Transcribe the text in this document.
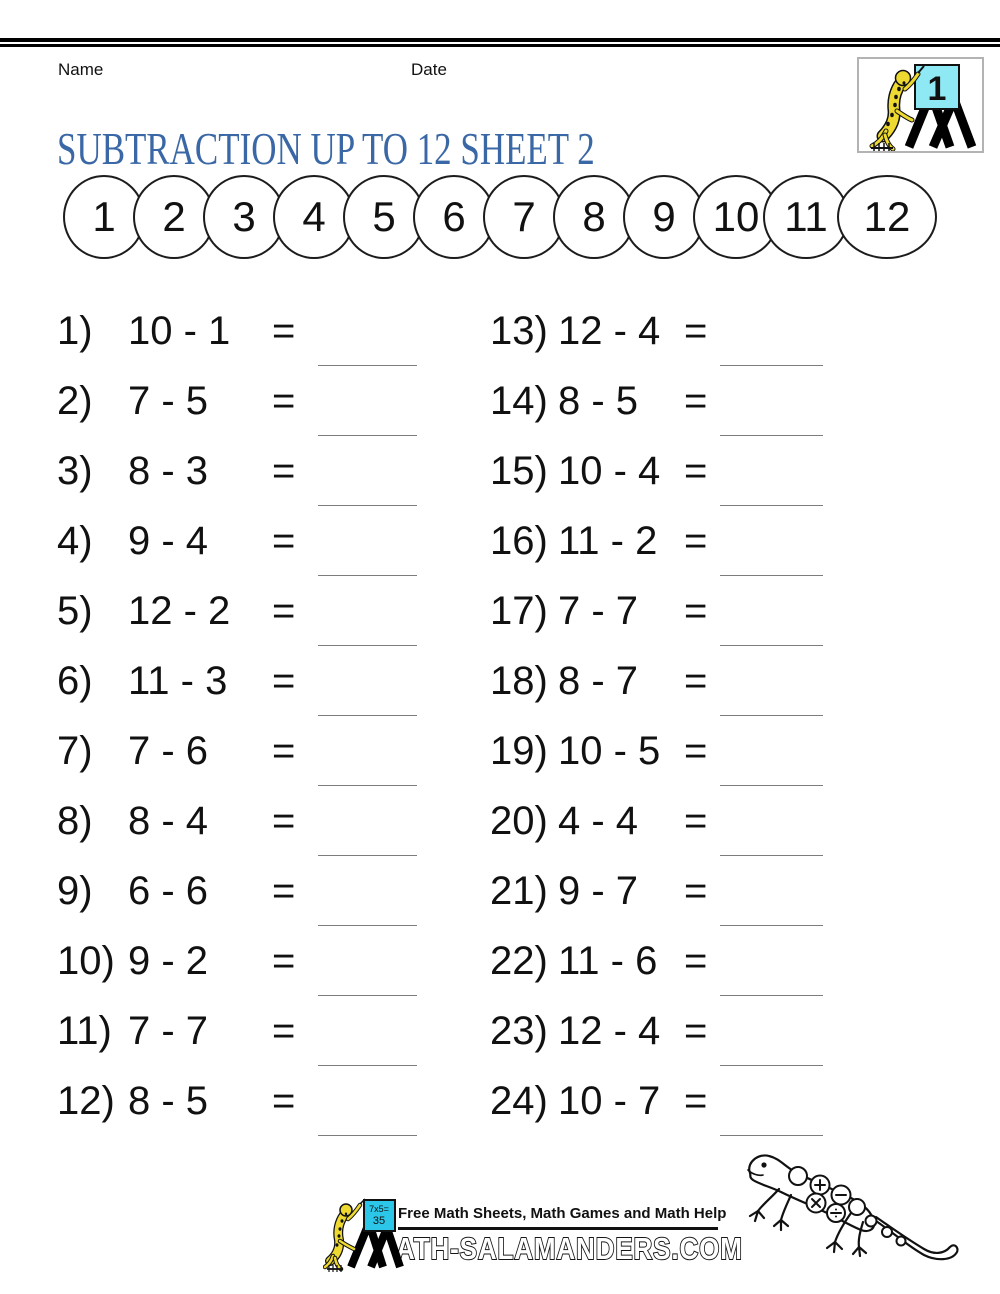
Name	Date
1
SUBTRACTION UP TO 12 SHEET 2
1 2 3 4 5 6 7 8 9 10 11 12
1) 10 - 1 =
2) 7 - 5 =
3) 8 - 3 =
4) 9 - 4 =
5) 12 - 2 =
6) 11 - 3 =
7) 7 - 6 =
8) 8 - 4 =
9) 6 - 6 =
10) 9 - 2 =
11) 7 - 7 =
12) 8 - 5 =
13) 12 - 4 =
14) 8 - 5 =
15) 10 - 4 =
16) 11 - 2 =
17) 7 - 7 =
18) 8 - 7 =
19) 10 - 5 =
20) 4 - 4 =
21) 9 - 7 =
22) 11 - 6 =
23) 12 - 4 =
24) 10 - 7 =
Free Math Sheets, Math Games and Math Help
ATH-SALAMANDERS.COM
7x5=
35
